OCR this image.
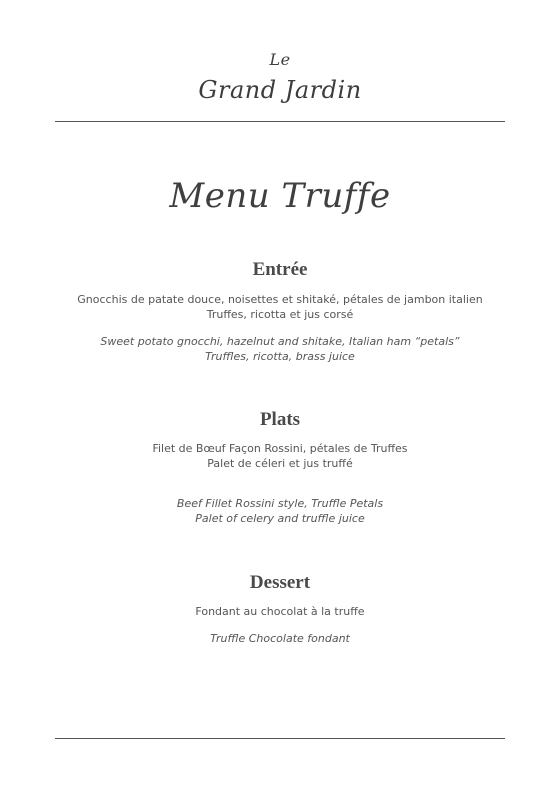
Le
Grand Jardin
Menu Truffe
Entrée
Gnocchis de patate douce, noisettes et shitaké, pétales de jambon italien
Truffes, ricotta et jus corsé
Sweet potato gnocchi, hazelnut and shitake, Italian ham “petals”
Truffles, ricotta, brass juice
Plats
Filet de Bœuf Façon Rossini, pétales de Truffes
Palet de céleri et jus truffé
Beef Fillet Rossini style, Truffle Petals
Palet of celery and truffle juice
Dessert
Fondant au chocolat à la truffe
Truffle Chocolate fondant
